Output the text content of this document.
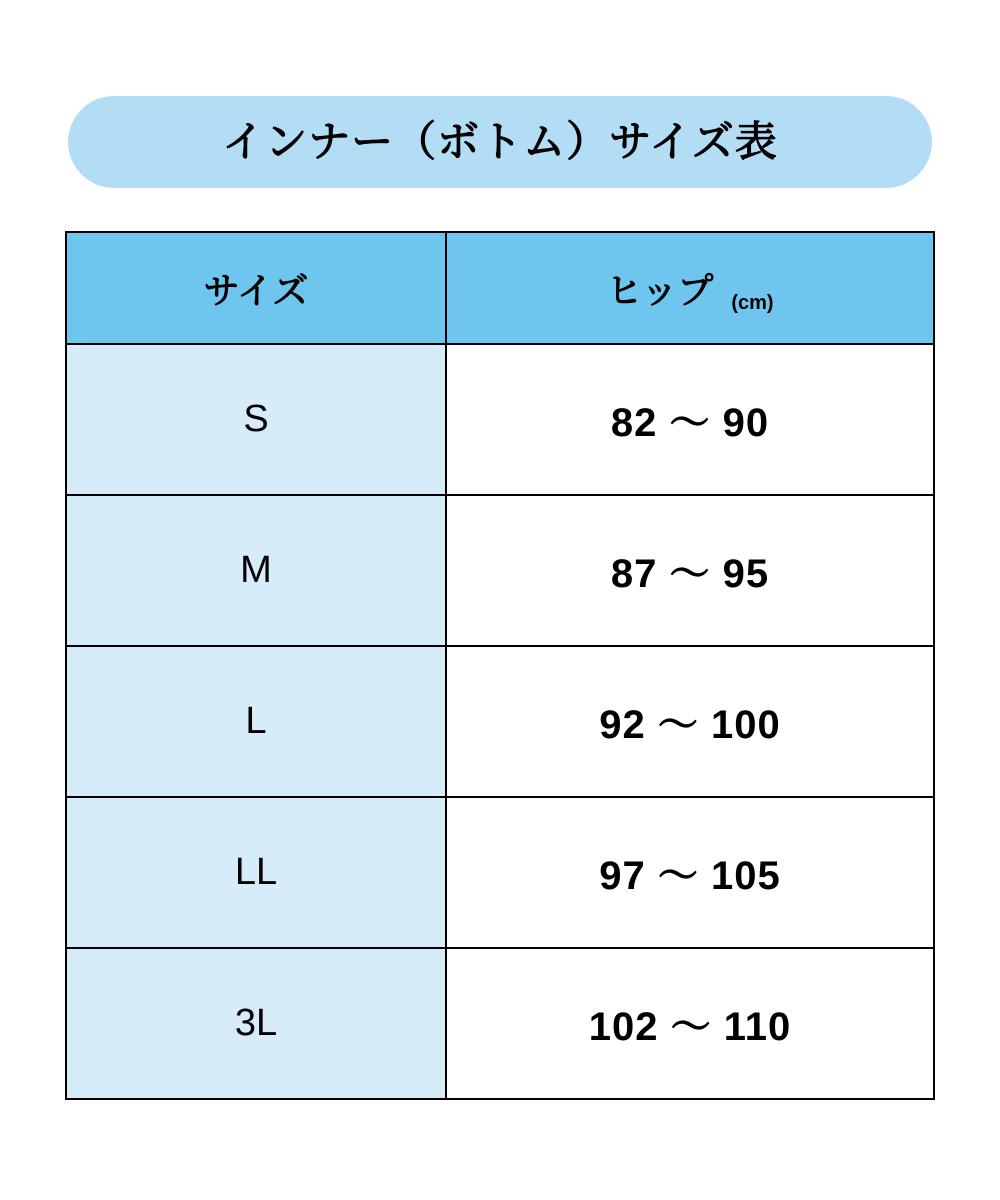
インナー（ボトム）サイズ表
サイズ	ヒップ (cm)

S	82 〜 90
M	87 〜 95
L	92 〜 100
LL	97 〜 105
3L	102 〜 110
